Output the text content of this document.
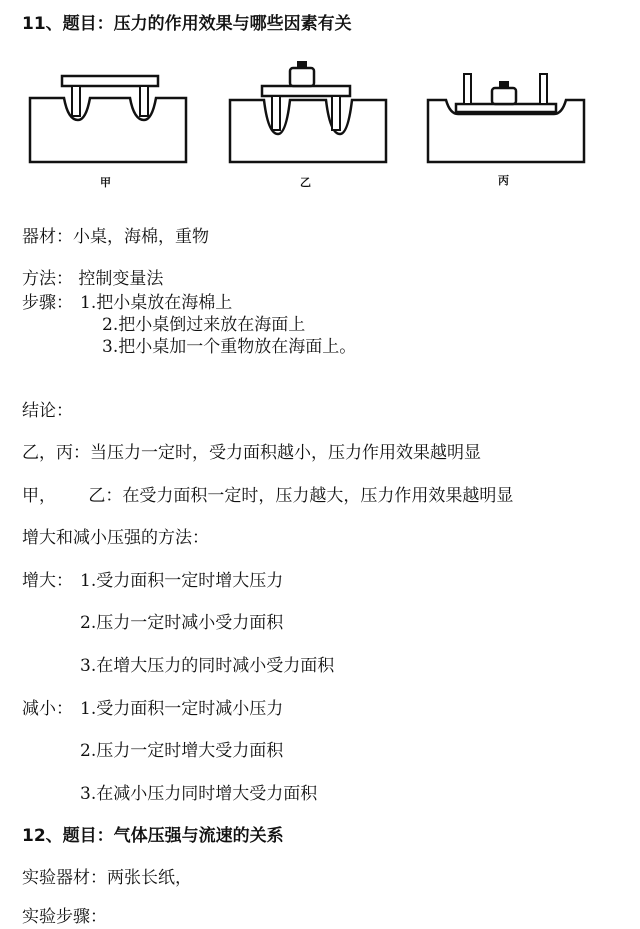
11、题目：压力的作用效果与哪些因素有关
甲	乙	丙
器材：小桌，海棉，重物
方法： 控制变量法
步骤： 1.把小桌放在海棉上
2.把小桌倒过来放在海面上
3.把小桌加一个重物放在海面上。
结论：
乙，丙：当压力一定时，受力面积越小，压力作用效果越明显
甲，      乙：在受力面积一定时，压力越大，压力作用效果越明显
增大和减小压强的方法：
增大： 1.受力面积一定时增大压力
2.压力一定时减小受力面积
3.在增大压力的同时减小受力面积
减小： 1.受力面积一定时减小压力
2.压力一定时增大受力面积
3.在减小压力同时增大受力面积
12、题目：气体压强与流速的关系
实验器材：两张长纸，
实验步骤：
